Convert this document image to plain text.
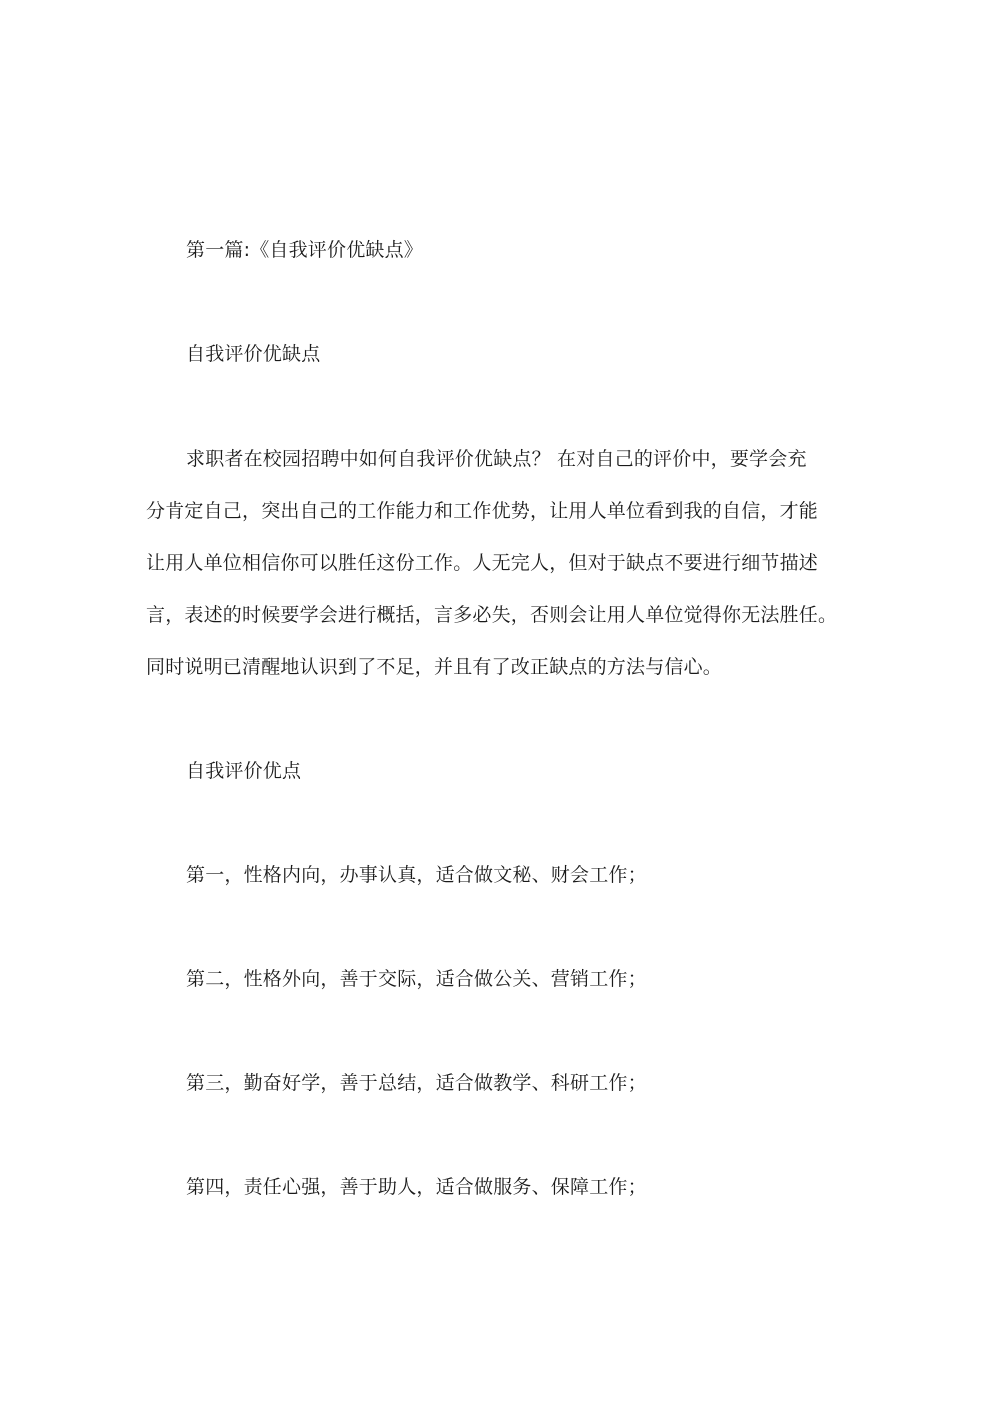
第一篇:《自我评价优缺点》
自我评价优缺点
求职者在校园招聘中如何自我评价优缺点？ 在对自己的评价中，要学会充
分肯定自己，突出自己的工作能力和工作优势，让用人单位看到我的自信，才能
让用人单位相信你可以胜任这份工作。人无完人，但对于缺点不要进行细节描述
言，表述的时候要学会进行概括，言多必失，否则会让用人单位觉得你无法胜任。
同时说明已清醒地认识到了不足，并且有了改正缺点的方法与信心。
自我评价优点
第一，性格内向，办事认真，适合做文秘、财会工作；
第二，性格外向，善于交际，适合做公关、营销工作；
第三，勤奋好学，善于总结，适合做教学、科研工作；
第四，责任心强，善于助人，适合做服务、保障工作；
